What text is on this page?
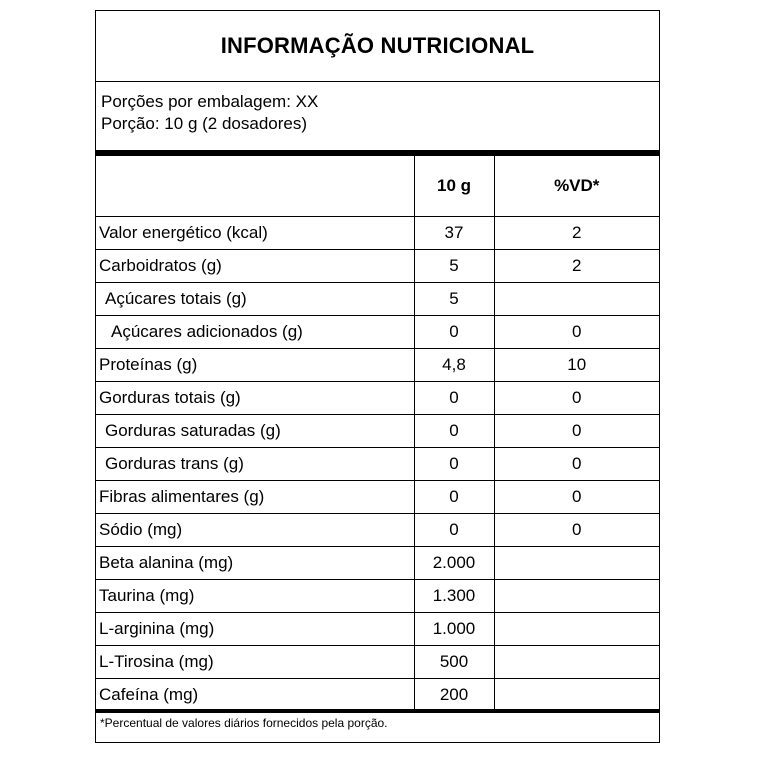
INFORMAÇÃO NUTRICIONAL
Porções por embalagem: XX
Porção: 10 g (2 dosadores)
	10 g	%VD*
Valor energético (kcal)	37	2
Carboidratos (g)	5	2
Açúcares totais (g)	5	
Açúcares adicionados (g)	0	0
Proteínas (g)	4,8	10
Gorduras totais (g)	0	0
Gorduras saturadas (g)	0	0
Gorduras trans (g)	0	0
Fibras alimentares (g)	0	0
Sódio (mg)	0	0
Beta alanina (mg)	2.000	
Taurina (mg)	1.300	
L-arginina (mg)	1.000	
L-Tirosina (mg)	500	
Cafeína (mg)	200	
*Percentual de valores diários fornecidos pela porção.
